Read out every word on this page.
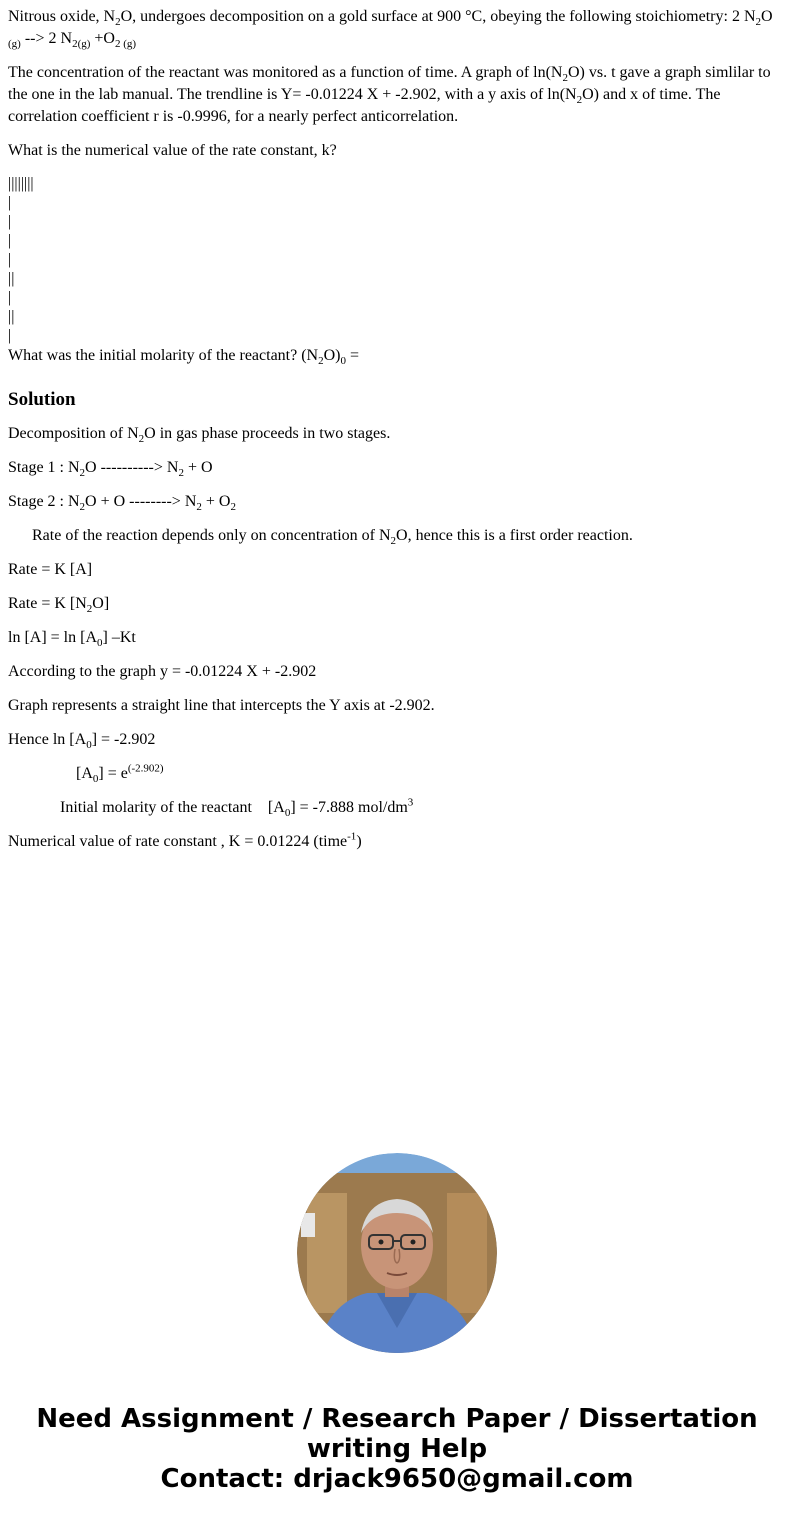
Nitrous oxide, $N_2O$, undergoes decomposition on a gold surface at 900 °C, obeying the following stoichiometry: 2 $N_2O$
$_{(g)}$ --> 2 $N_{2(g)} +O_{2 (g)}$

The concentration of the reactant was monitored as a function of time. A graph of $\ln(N_2O)$ vs. t gave a graph simlilar to the one in the lab manual. The trendline is Y= -0.01224 X + -2.902, with a y axis of $\ln(N_2O)$ and x of time. The correlation coefficient r is -0.9996, for a nearly perfect anticorrelation.

What is the numerical value of the rate constant, k?

||||||||
|
|
|
|
||
|
||
|

What was the initial molarity of the reactant? $(N_2O)_0$ =

Solution

Decomposition of $N_2O$ in gas phase proceeds in two stages.

Stage 1 : $N_2O$ ----------> $N_2 + O$

Stage 2 : $N_2O + O$ --------> $N_2 + O_2$

Rate of the reaction depends only on concentration of $N_2O$, hence this is a first order reaction.

Rate = K [A]

Rate = K $[N_2O]$

$\ln [A] = \ln [A_0]$ –Kt

According to the graph y = -0.01224 X + -2.902

Graph represents a straight line that intercepts the Y axis at -2.902.

Hence $\ln [A_0] = -2.902$

$[A_0] = e^{(-2.902)}$

Initial molarity of the reactant    $[A_0] = -7.888$ mol/$dm^3$

Numerical value of rate constant , K = 0.01224 (time$^{-1}$)

Need Assignment / Research Paper / Dissertation
writing Help
Contact: drjack9650@gmail.com
